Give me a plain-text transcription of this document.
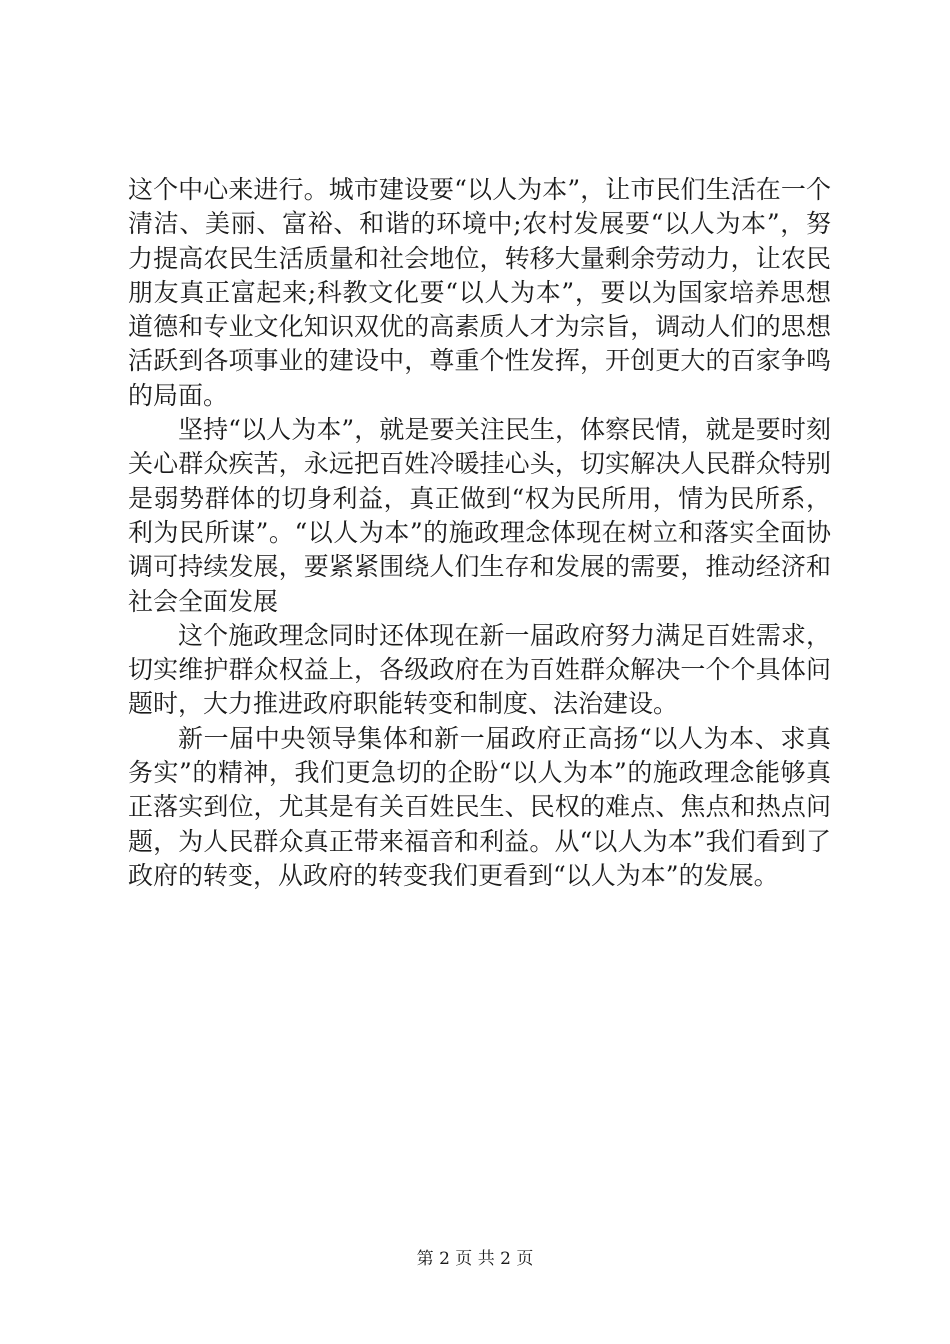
这个中心来进行。城市建设要“以人为本”，让市民们生活在一个清洁、美丽、富裕、和谐的环境中;农村发展要“以人为本”，努力提高农民生活质量和社会地位，转移大量剩余劳动力，让农民朋友真正富起来;科教文化要“以人为本”，要以为国家培养思想道德和专业文化知识双优的高素质人才为宗旨，调动人们的思想活跃到各项事业的建设中，尊重个性发挥，开创更大的百家争鸣的局面。

坚持“以人为本”，就是要关注民生，体察民情，就是要时刻关心群众疾苦，永远把百姓冷暖挂心头，切实解决人民群众特别是弱势群体的切身利益，真正做到“权为民所用，情为民所系，利为民所谋”。“以人为本”的施政理念体现在树立和落实全面协调可持续发展，要紧紧围绕人们生存和发展的需要，推动经济和社会全面发展

这个施政理念同时还体现在新一届政府努力满足百姓需求，切实维护群众权益上，各级政府在为百姓群众解决一个个具体问题时，大力推进政府职能转变和制度、法治建设。

新一届中央领导集体和新一届政府正高扬“以人为本、求真务实”的精神，我们更急切的企盼“以人为本”的施政理念能够真正落实到位，尤其是有关百姓民生、民权的难点、焦点和热点问题，为人民群众真正带来福音和利益。从“以人为本”我们看到了政府的转变，从政府的转变我们更看到“以人为本”的发展。

第 2 页 共 2 页
